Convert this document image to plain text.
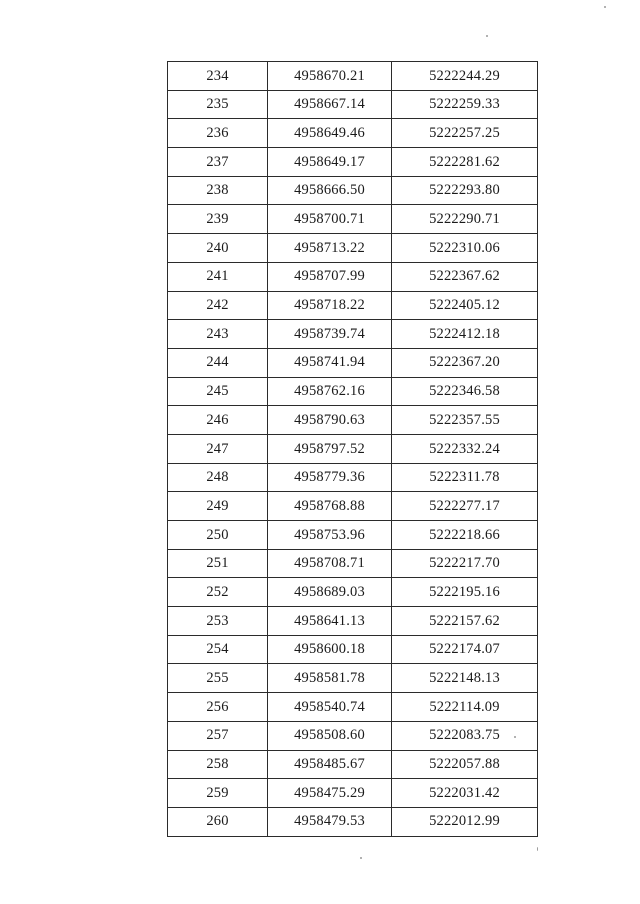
234	4958670.21	5222244.29
235	4958667.14	5222259.33
236	4958649.46	5222257.25
237	4958649.17	5222281.62
238	4958666.50	5222293.80
239	4958700.71	5222290.71
240	4958713.22	5222310.06
241	4958707.99	5222367.62
242	4958718.22	5222405.12
243	4958739.74	5222412.18
244	4958741.94	5222367.20
245	4958762.16	5222346.58
246	4958790.63	5222357.55
247	4958797.52	5222332.24
248	4958779.36	5222311.78
249	4958768.88	5222277.17
250	4958753.96	5222218.66
251	4958708.71	5222217.70
252	4958689.03	5222195.16
253	4958641.13	5222157.62
254	4958600.18	5222174.07
255	4958581.78	5222148.13
256	4958540.74	5222114.09
257	4958508.60	5222083.75
258	4958485.67	5222057.88
259	4958475.29	5222031.42
260	4958479.53	5222012.99
